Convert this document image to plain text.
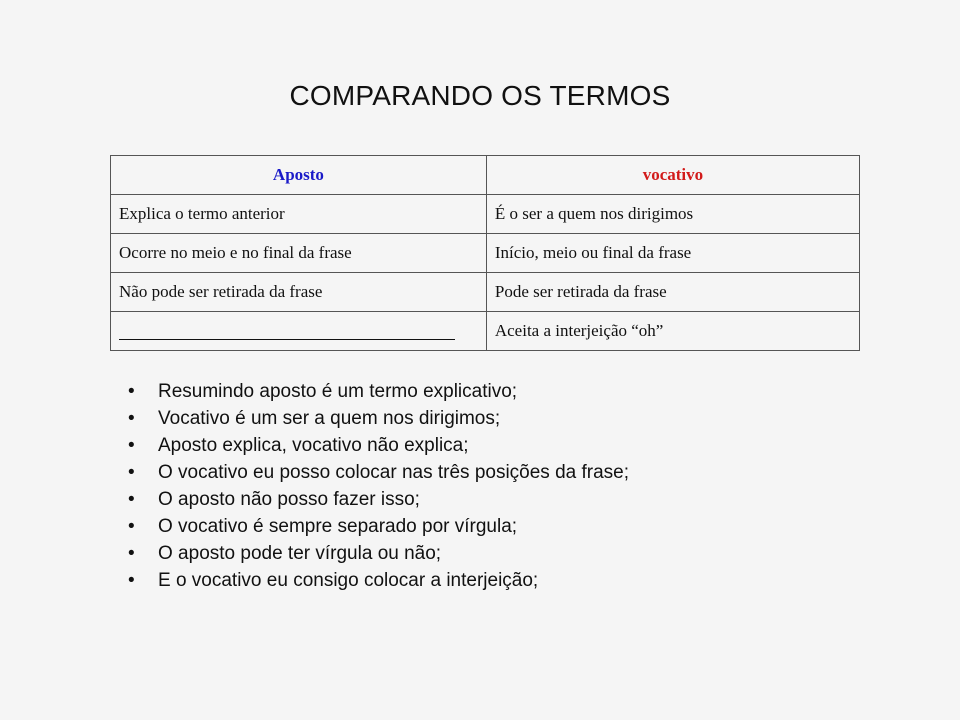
COMPARANDO OS TERMOS
Aposto	vocativo
Explica o termo anterior	É o ser a quem nos dirigimos
Ocorre no meio e no final da frase	Início, meio ou final da frase
Não pode ser retirada da frase	Pode ser retirada da frase
	Aceita a interjeição “oh”
• Resumindo aposto é um termo explicativo;
• Vocativo é um ser a quem nos dirigimos;
• Aposto explica, vocativo não explica;
• O vocativo eu posso colocar nas três posições da frase;
• O aposto não posso fazer isso;
• O vocativo é sempre separado por vírgula;
• O aposto pode ter vírgula ou não;
• E o vocativo eu consigo colocar a interjeição;
